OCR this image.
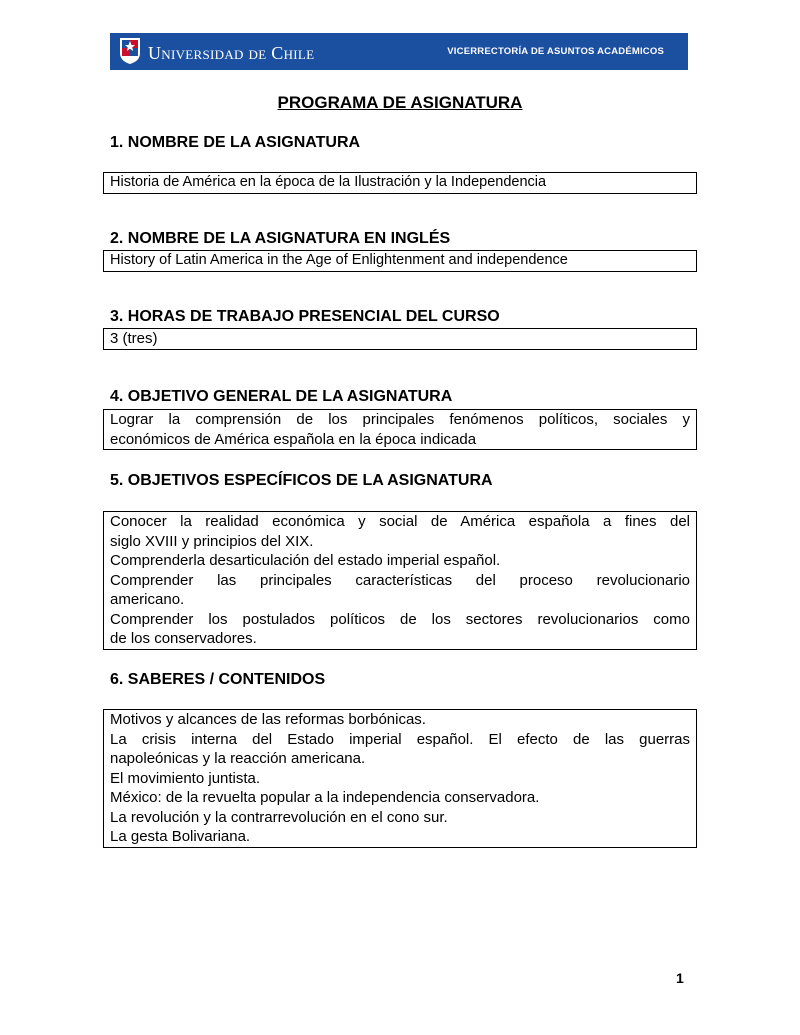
Universidad de Chile	VICERRECTORÍA DE ASUNTOS ACADÉMICOS
PROGRAMA DE ASIGNATURA
1. NOMBRE DE LA ASIGNATURA
Historia de América en la época de la Ilustración y la Independencia
2. NOMBRE DE LA ASIGNATURA EN INGLÉS
History of Latin America in the Age of Enlightenment and independence
3. HORAS DE TRABAJO PRESENCIAL DEL CURSO
3 (tres)
4. OBJETIVO GENERAL DE LA ASIGNATURA
Lograr la comprensión de los principales fenómenos políticos, sociales y
económicos de América española en la época indicada
5. OBJETIVOS ESPECÍFICOS DE LA ASIGNATURA
Conocer la realidad económica y social de América española a fines del
siglo XVIII y principios del XIX.
Comprenderla desarticulación del estado imperial español.
Comprender las principales características del proceso revolucionario
americano.
Comprender los postulados políticos de los sectores revolucionarios como
de los conservadores.
6. SABERES / CONTENIDOS
Motivos y alcances de las reformas borbónicas.
La crisis interna del Estado imperial español. El efecto de las guerras
napoleónicas y la reacción americana.
El movimiento juntista.
México: de la revuelta popular a la independencia conservadora.
La revolución y la contrarrevolución en el cono sur.
La gesta Bolivariana.
1
